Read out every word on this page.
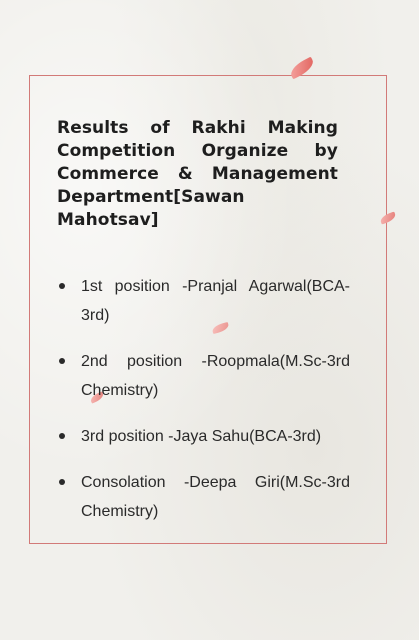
Results of Rakhi Making Competition Organize by Commerce & Management Department[Sawan Mahotsav]
1st position -Pranjal Agarwal(BCA-3rd)
2nd position -Roopmala(M.Sc-3rd Chemistry)
3rd position -Jaya Sahu(BCA-3rd)
Consolation -Deepa Giri(M.Sc-3rd Chemistry)
